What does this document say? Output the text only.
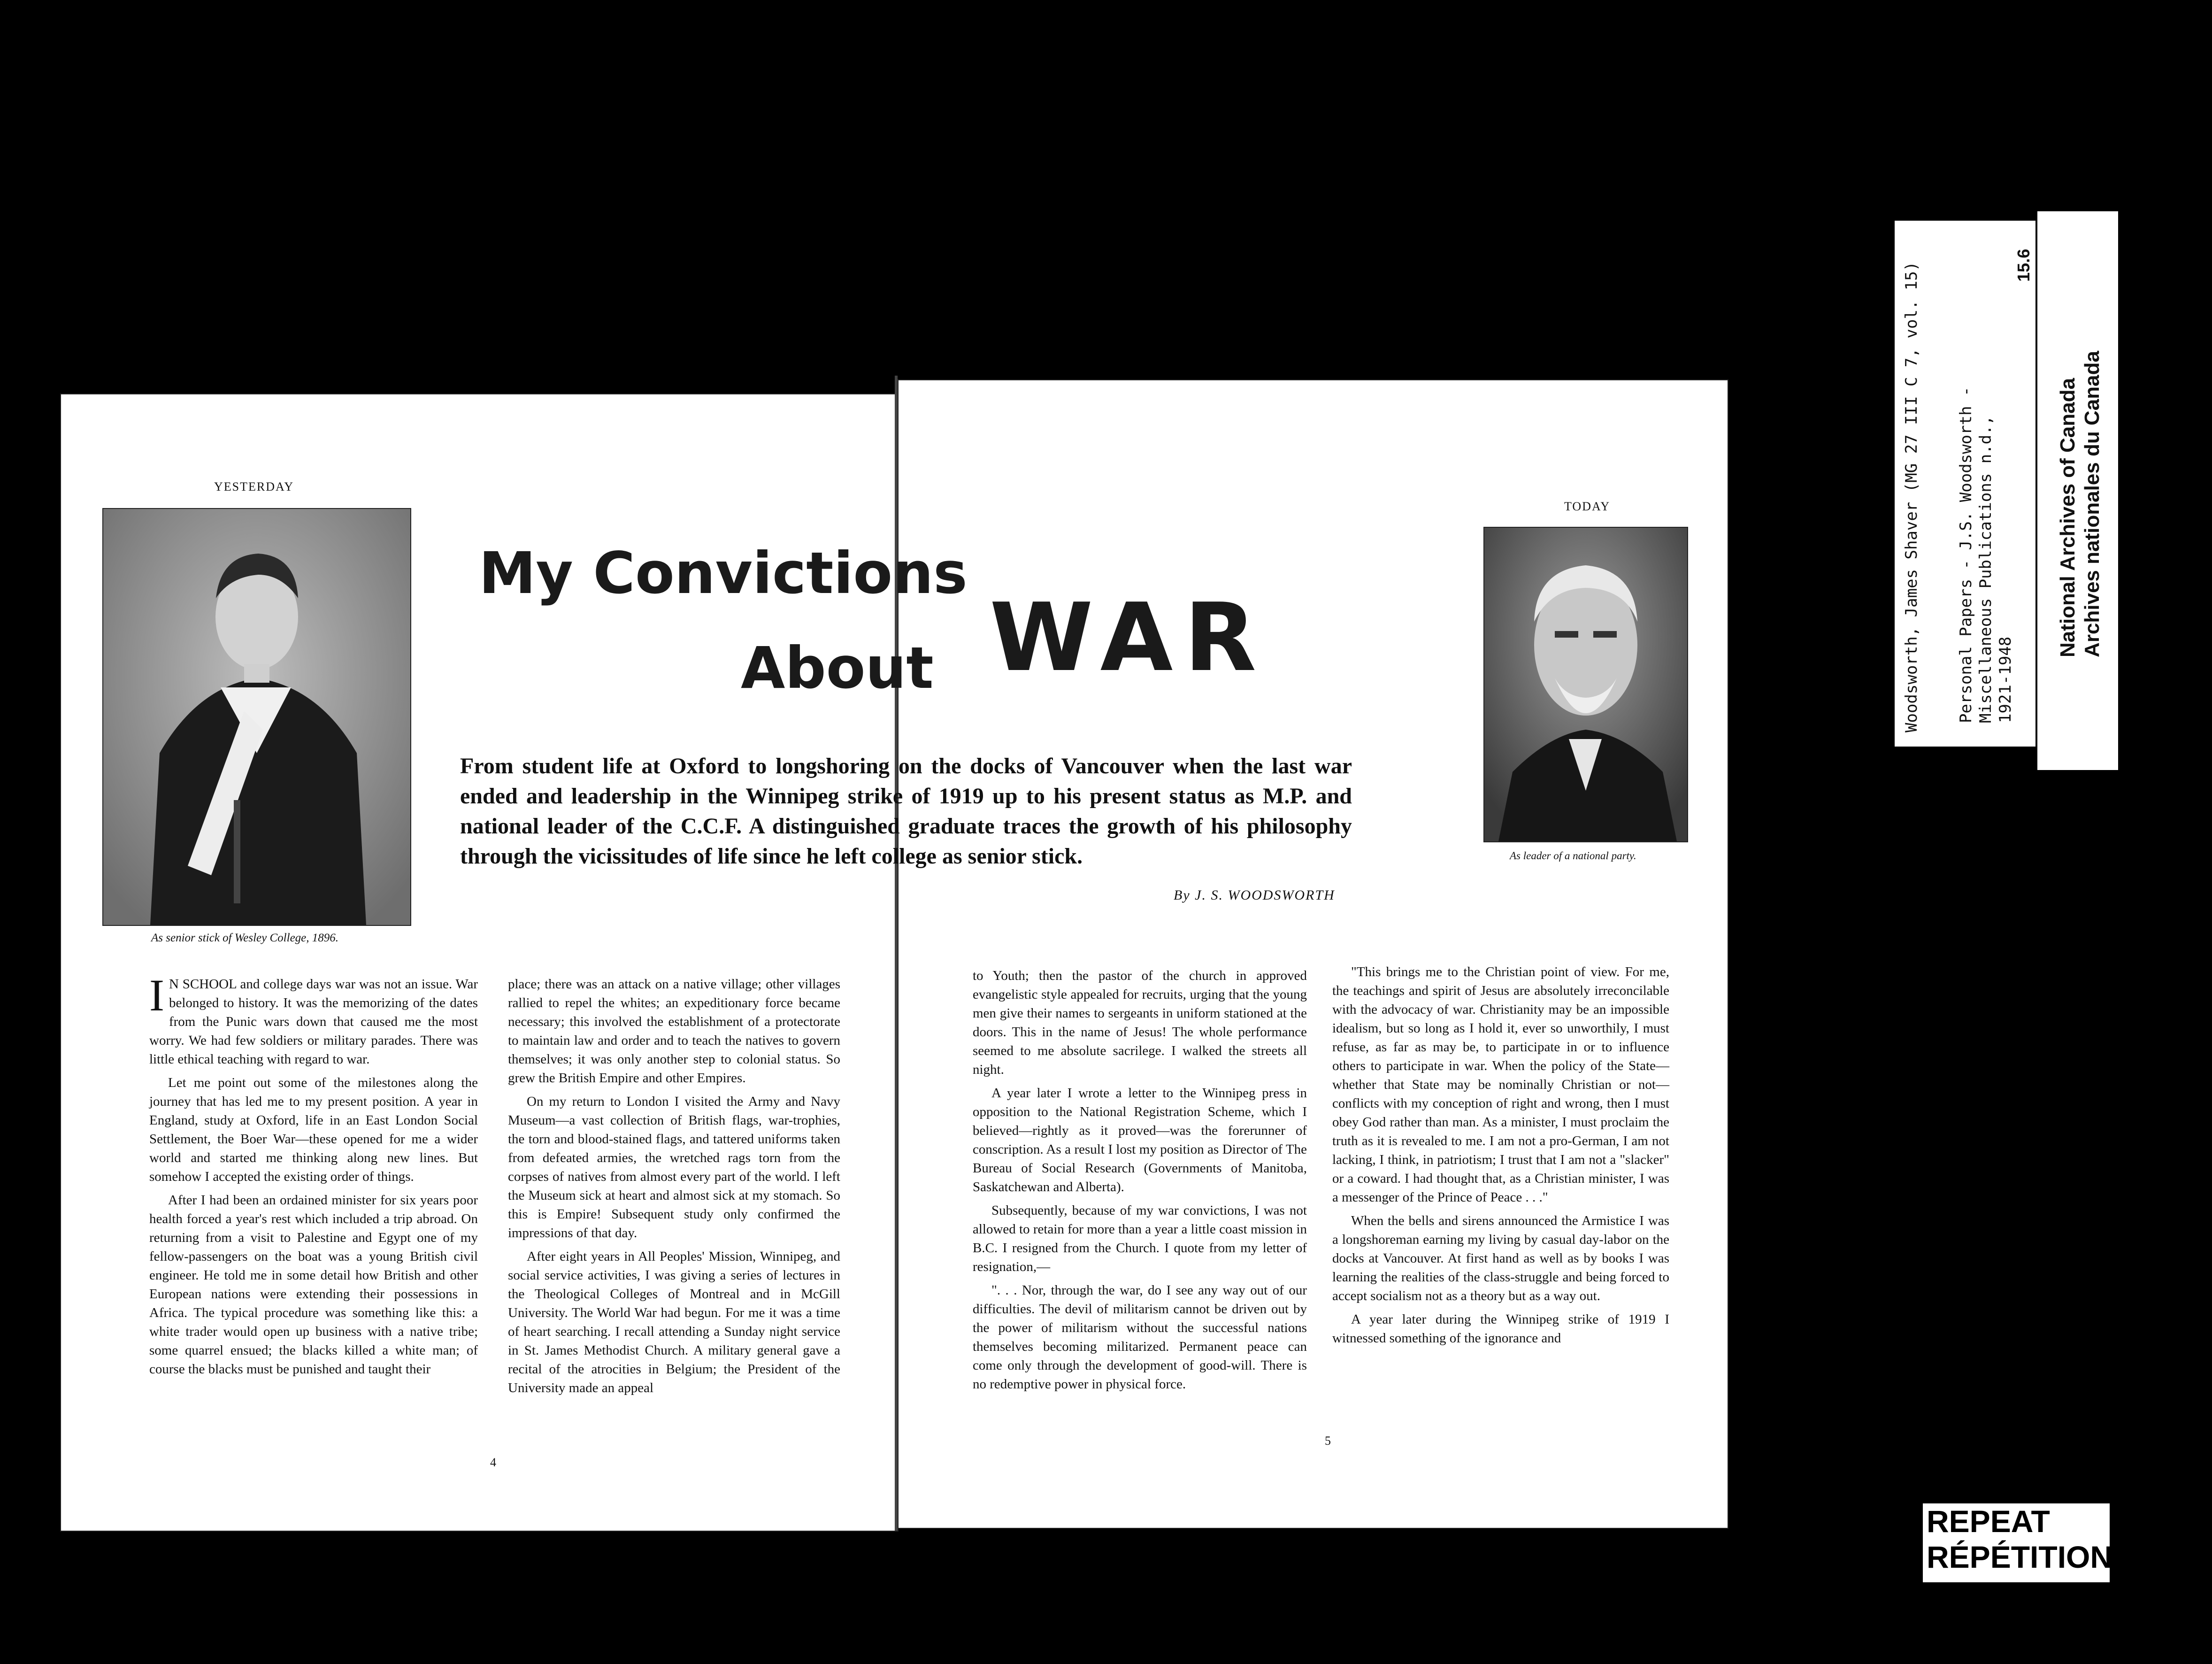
YESTERDAY
As senior stick of Wesley College, 1896.
My Convictions
About WAR
From student life at Oxford to longshoring on the docks of Vancouver when the last war ended and leadership in the Winnipeg strike of 1919 up to his present status as M.P. and national leader of the C.C.F. A distinguished graduate traces the growth of his philosophy through the vicissitudes of life since he left college as senior stick.
By J. S. WOODSWORTH
TODAY
As leader of a national party.

I N SCHOOL and college days war was not an issue. War belonged to history. It was the memorizing of the dates from the Punic wars down that caused me the most worry. We had few soldiers or military parades. There was little ethical teaching with regard to war.

Let me point out some of the milestones along the journey that has led me to my present position. A year in England, study at Oxford, life in an East London Social Settlement, the Boer War—these opened for me a wider world and started me thinking along new lines. But somehow I accepted the existing order of things.

After I had been an ordained minister for six years poor health forced a year's rest which included a trip abroad. On returning from a visit to Palestine and Egypt one of my fellow-passengers on the boat was a young British civil engineer. He told me in some detail how British and other European nations were extending their possessions in Africa. The typical procedure was something like this: a white trader would open up business with a native tribe; some quarrel ensued; the blacks killed a white man; of course the blacks must be punished and taught their

place; there was an attack on a native village; other villages rallied to repel the whites; an expeditionary force became necessary; this involved the establishment of a protectorate to maintain law and order and to teach the natives to govern themselves; it was only another step to colonial status. So grew the British Empire and other Empires.

On my return to London I visited the Army and Navy Museum—a vast collection of British flags, war-trophies, the torn and blood-stained flags, and tattered uniforms taken from defeated armies, the wretched rags torn from the corpses of natives from almost every part of the world. I left the Museum sick at heart and almost sick at my stomach. So this is Empire! Subsequent study only confirmed the impressions of that day.

After eight years in All Peoples' Mission, Winnipeg, and social service activities, I was giving a series of lectures in the Theological Colleges of Montreal and in McGill University. The World War had begun. For me it was a time of heart searching. I recall attending a Sunday night service in St. James Methodist Church. A military general gave a recital of the atrocities in Belgium; the President of the University made an appeal

4

to Youth; then the pastor of the church in approved evangelistic style appealed for recruits, urging that the young men give their names to sergeants in uniform stationed at the doors. This in the name of Jesus! The whole performance seemed to me absolute sacrilege. I walked the streets all night.

A year later I wrote a letter to the Winnipeg press in opposition to the National Registration Scheme, which I believed—rightly as it proved—was the forerunner of conscription. As a result I lost my position as Director of The Bureau of Social Research (Governments of Manitoba, Saskatchewan and Alberta).

Subsequently, because of my war convictions, I was not allowed to retain for more than a year a little coast mission in B.C. I resigned from the Church. I quote from my letter of resignation,—

". . . Nor, through the war, do I see any way out of our difficulties. The devil of militarism cannot be driven out by the power of militarism without the successful nations themselves becoming militarized. Permanent peace can come only through the development of good-will. There is no redemptive power in physical force.

"This brings me to the Christian point of view. For me, the teachings and spirit of Jesus are absolutely irreconcilable with the advocacy of war. Christianity may be an impossible idealism, but so long as I hold it, ever so unworthily, I must refuse, as far as may be, to participate in or to influence others to participate in war. When the policy of the State—whether that State may be nominally Christian or not—conflicts with my conception of right and wrong, then I must obey God rather than man. As a minister, I must proclaim the truth as it is revealed to me. I am not a pro-German, I am not lacking, I think, in patriotism; I trust that I am not a "slacker" or a coward. I had thought that, as a Christian minister, I was a messenger of the Prince of Peace . . ."

When the bells and sirens announced the Armistice I was a longshoreman earning my living by casual day-labor on the docks at Vancouver. At first hand as well as by books I was learning the realities of the class-struggle and being forced to accept socialism not as a theory but as a way out.

A year later during the Winnipeg strike of 1919 I witnessed something of the ignorance and

5
Woodsworth, James Shaver (MG 27 III C 7, vol. 15) Personal Papers - J.S. Woodsworth - Miscellaneous Publications n.d., 1921-1948
15.6
National Archives of Canada Archives nationales du Canada
REPEAT
RÉPÉTITION
